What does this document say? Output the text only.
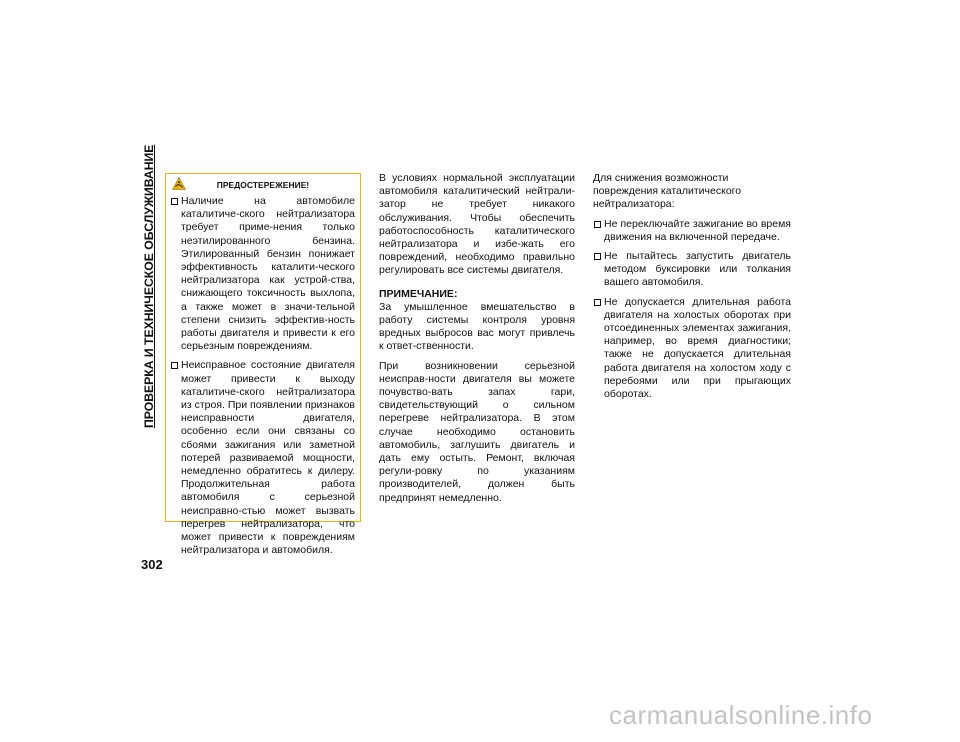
ПРОВЕРКА И ТЕХНИЧЕСКОЕ ОБСЛУЖИВАНИЕ
302
ПРЕДОСТЕРЕЖЕНИЕ!
Наличие на автомобиле каталитиче-ского нейтрализатора требует приме-нения только неэтилированного бензина. Этилированный бензин понижает эффективность каталити-ческого нейтрализатора как устрой-ства, снижающего токсичность выхлопа, а также может в значи-тельной степени снизить эффектив-ность работы двигателя и привести к его серьезным повреждениям.
Неисправное состояние двигателя может привести к выходу каталитиче-ского нейтрализатора из строя. При появлении признаков неисправности двигателя, особенно если они связаны со сбоями зажигания или заметной потерей развиваемой мощности, немедленно обратитесь к дилеру. Продолжительная работа автомобиля с серьезной неисправно-стью может вызвать перегрев нейтрализатора, что может привести к повреждениям нейтрализатора и автомобиля.

В условиях нормальной эксплуатации автомобиля каталитический нейтрали-затор не требует никакого обслуживания. Чтобы обеспечить работоспособность каталитического нейтрализатора и избе-жать его повреждений, необходимо правильно регулировать все системы двигателя.

ПРИМЕЧАНИЕ:

За умышленное вмешательство в работу системы контроля уровня вредных выбросов вас могут привлечь к ответ-ственности.

При возникновении серьезной неисправ-ности двигателя вы можете почувство-вать запах гари, свидетельствующий о сильном перегреве нейтрализатора. В этом случае необходимо остановить автомобиль, заглушить двигатель и дать ему остыть. Ремонт, включая регули-ровку по указаниям производителей, должен быть предпринят немедленно.

Для снижения возможности повреждения каталитического нейтрализатора:

Не переключайте зажигание во время движения на включенной передаче.
Не пытайтесь запустить двигатель методом буксировки или толкания вашего автомобиля.
Не допускается длительная работа двигателя на холостых оборотах при отсоединенных элементах зажигания, например, во время диагностики; также не допускается длительная работа двигателя на холостом ходу с перебоями или при прыгающих оборотах.
carmanualsonline.info
